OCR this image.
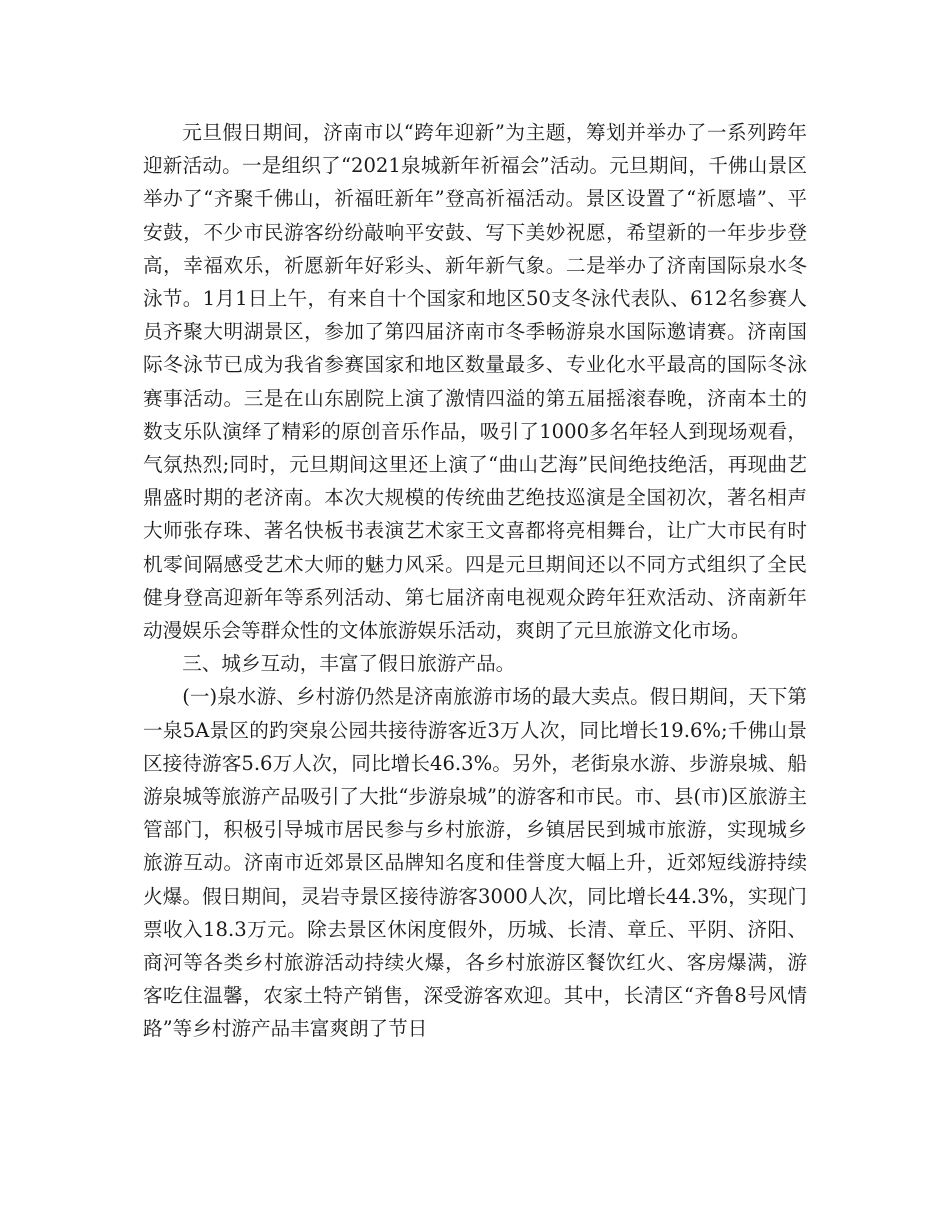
元旦假日期间，济南市以“跨年迎新”为主题，筹划并举办了一系列跨年迎新活动。一是组织了“2021泉城新年祈福会”活动。元旦期间，千佛山景区举办了“齐聚千佛山，祈福旺新年”登高祈福活动。景区设置了“祈愿墙”、平安鼓，不少市民游客纷纷敲响平安鼓、写下美妙祝愿，希望新的一年步步登高，幸福欢乐，祈愿新年好彩头、新年新气象。二是举办了济南国际泉水冬泳节。1月1日上午，有来自十个国家和地区50支冬泳代表队、612名参赛人员齐聚大明湖景区，参加了第四届济南市冬季畅游泉水国际邀请赛。济南国际冬泳节已成为我省参赛国家和地区数量最多、专业化水平最高的国际冬泳赛事活动。三是在山东剧院上演了激情四溢的第五届摇滚春晚，济南本土的数支乐队演绎了精彩的原创音乐作品，吸引了1000多名年轻人到现场观看，气氛热烈;同时，元旦期间这里还上演了“曲山艺海”民间绝技绝活，再现曲艺鼎盛时期的老济南。本次大规模的传统曲艺绝技巡演是全国初次，著名相声大师张存珠、著名快板书表演艺术家王文喜都将亮相舞台，让广大市民有时机零间隔感受艺术大师的魅力风采。四是元旦期间还以不同方式组织了全民健身登高迎新年等系列活动、第七届济南电视观众跨年狂欢活动、济南新年动漫娱乐会等群众性的文体旅游娱乐活动，爽朗了元旦旅游文化市场。

三、城乡互动，丰富了假日旅游产品。

(一)泉水游、乡村游仍然是济南旅游市场的最大卖点。假日期间，天下第一泉5A景区的趵突泉公园共接待游客近3万人次，同比增长19.6%;千佛山景区接待游客5.6万人次，同比增长46.3%。另外，老街泉水游、步游泉城、船游泉城等旅游产品吸引了大批“步游泉城”的游客和市民。市、县(市)区旅游主管部门，积极引导城市居民参与乡村旅游，乡镇居民到城市旅游，实现城乡旅游互动。济南市近郊景区品牌知名度和佳誉度大幅上升，近郊短线游持续火爆。假日期间，灵岩寺景区接待游客3000人次，同比增长44.3%，实现门票收入18.3万元。除去景区休闲度假外，历城、长清、章丘、平阴、济阳、商河等各类乡村旅游活动持续火爆，各乡村旅游区餐饮红火、客房爆满，游客吃住温馨，农家土特产销售，深受游客欢迎。其中，长清区“齐鲁8号风情路”等乡村游产品丰富爽朗了节日
